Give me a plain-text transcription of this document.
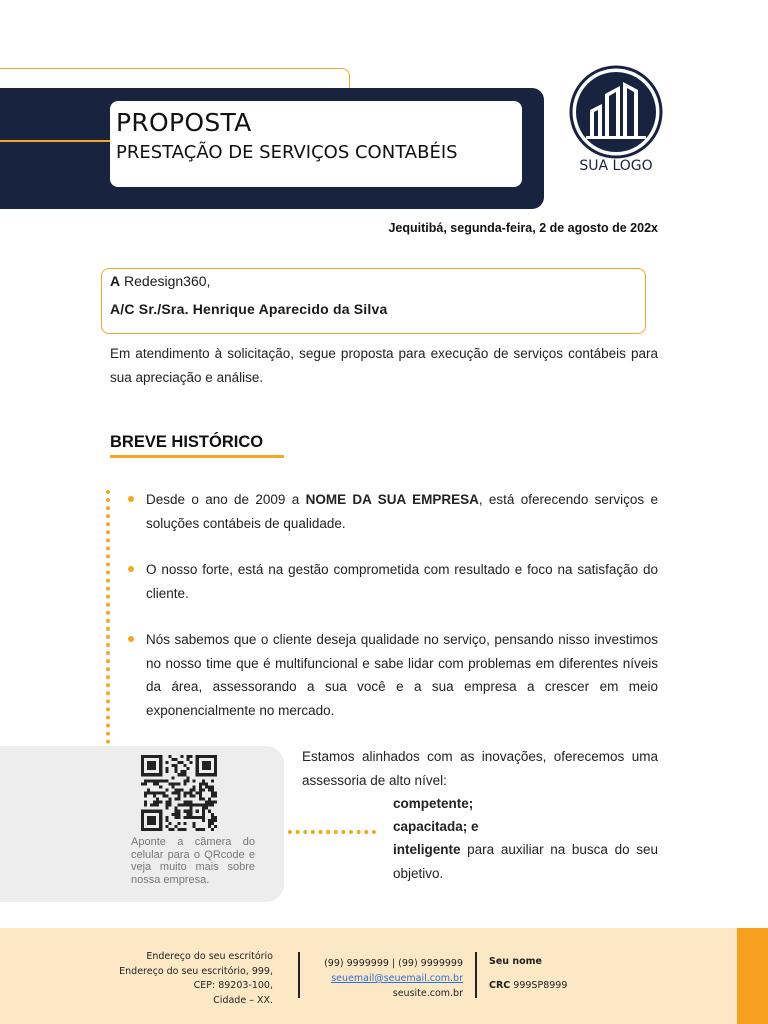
PROPOSTA
PRESTAÇÃO DE SERVIÇOS CONTABÉIS
SUA LOGO
Jequitibá, segunda-feira, 2 de agosto de 202x
A Redesign360,
A/C Sr./Sra. Henrique Aparecido da Silva
Em atendimento à solicitação, segue proposta para execução de serviços contábeis para sua apreciação e análise.
BREVE HISTÓRICO
Desde o ano de 2009 a NOME DA SUA EMPRESA, está oferecendo serviços e soluções contábeis de qualidade.
O nosso forte, está na gestão comprometida com resultado e foco na satisfação do cliente.
Nós sabemos que o cliente deseja qualidade no serviço, pensando nisso investimos no nosso time que é multifuncional e sabe lidar com problemas em diferentes níveis da área, assessorando a sua você e a sua empresa a crescer em meio exponencialmente no mercado.
Aponte a câmera do celular para o QRcode e veja muito mais sobre nossa empresa.
Estamos alinhados com as inovações, oferecemos uma assessoria de alto nível:
competente;
capacitada; e
inteligente para auxiliar na busca do seu objetivo.
Endereço do seu escritório
Endereço do seu escritório, 999,
CEP: 89203-100,
Cidade – XX.
(99) 9999999 | (99) 9999999
seuemail@seuemail.com.br
seusite.com.br
Seu nome
CRC 999SP8999
